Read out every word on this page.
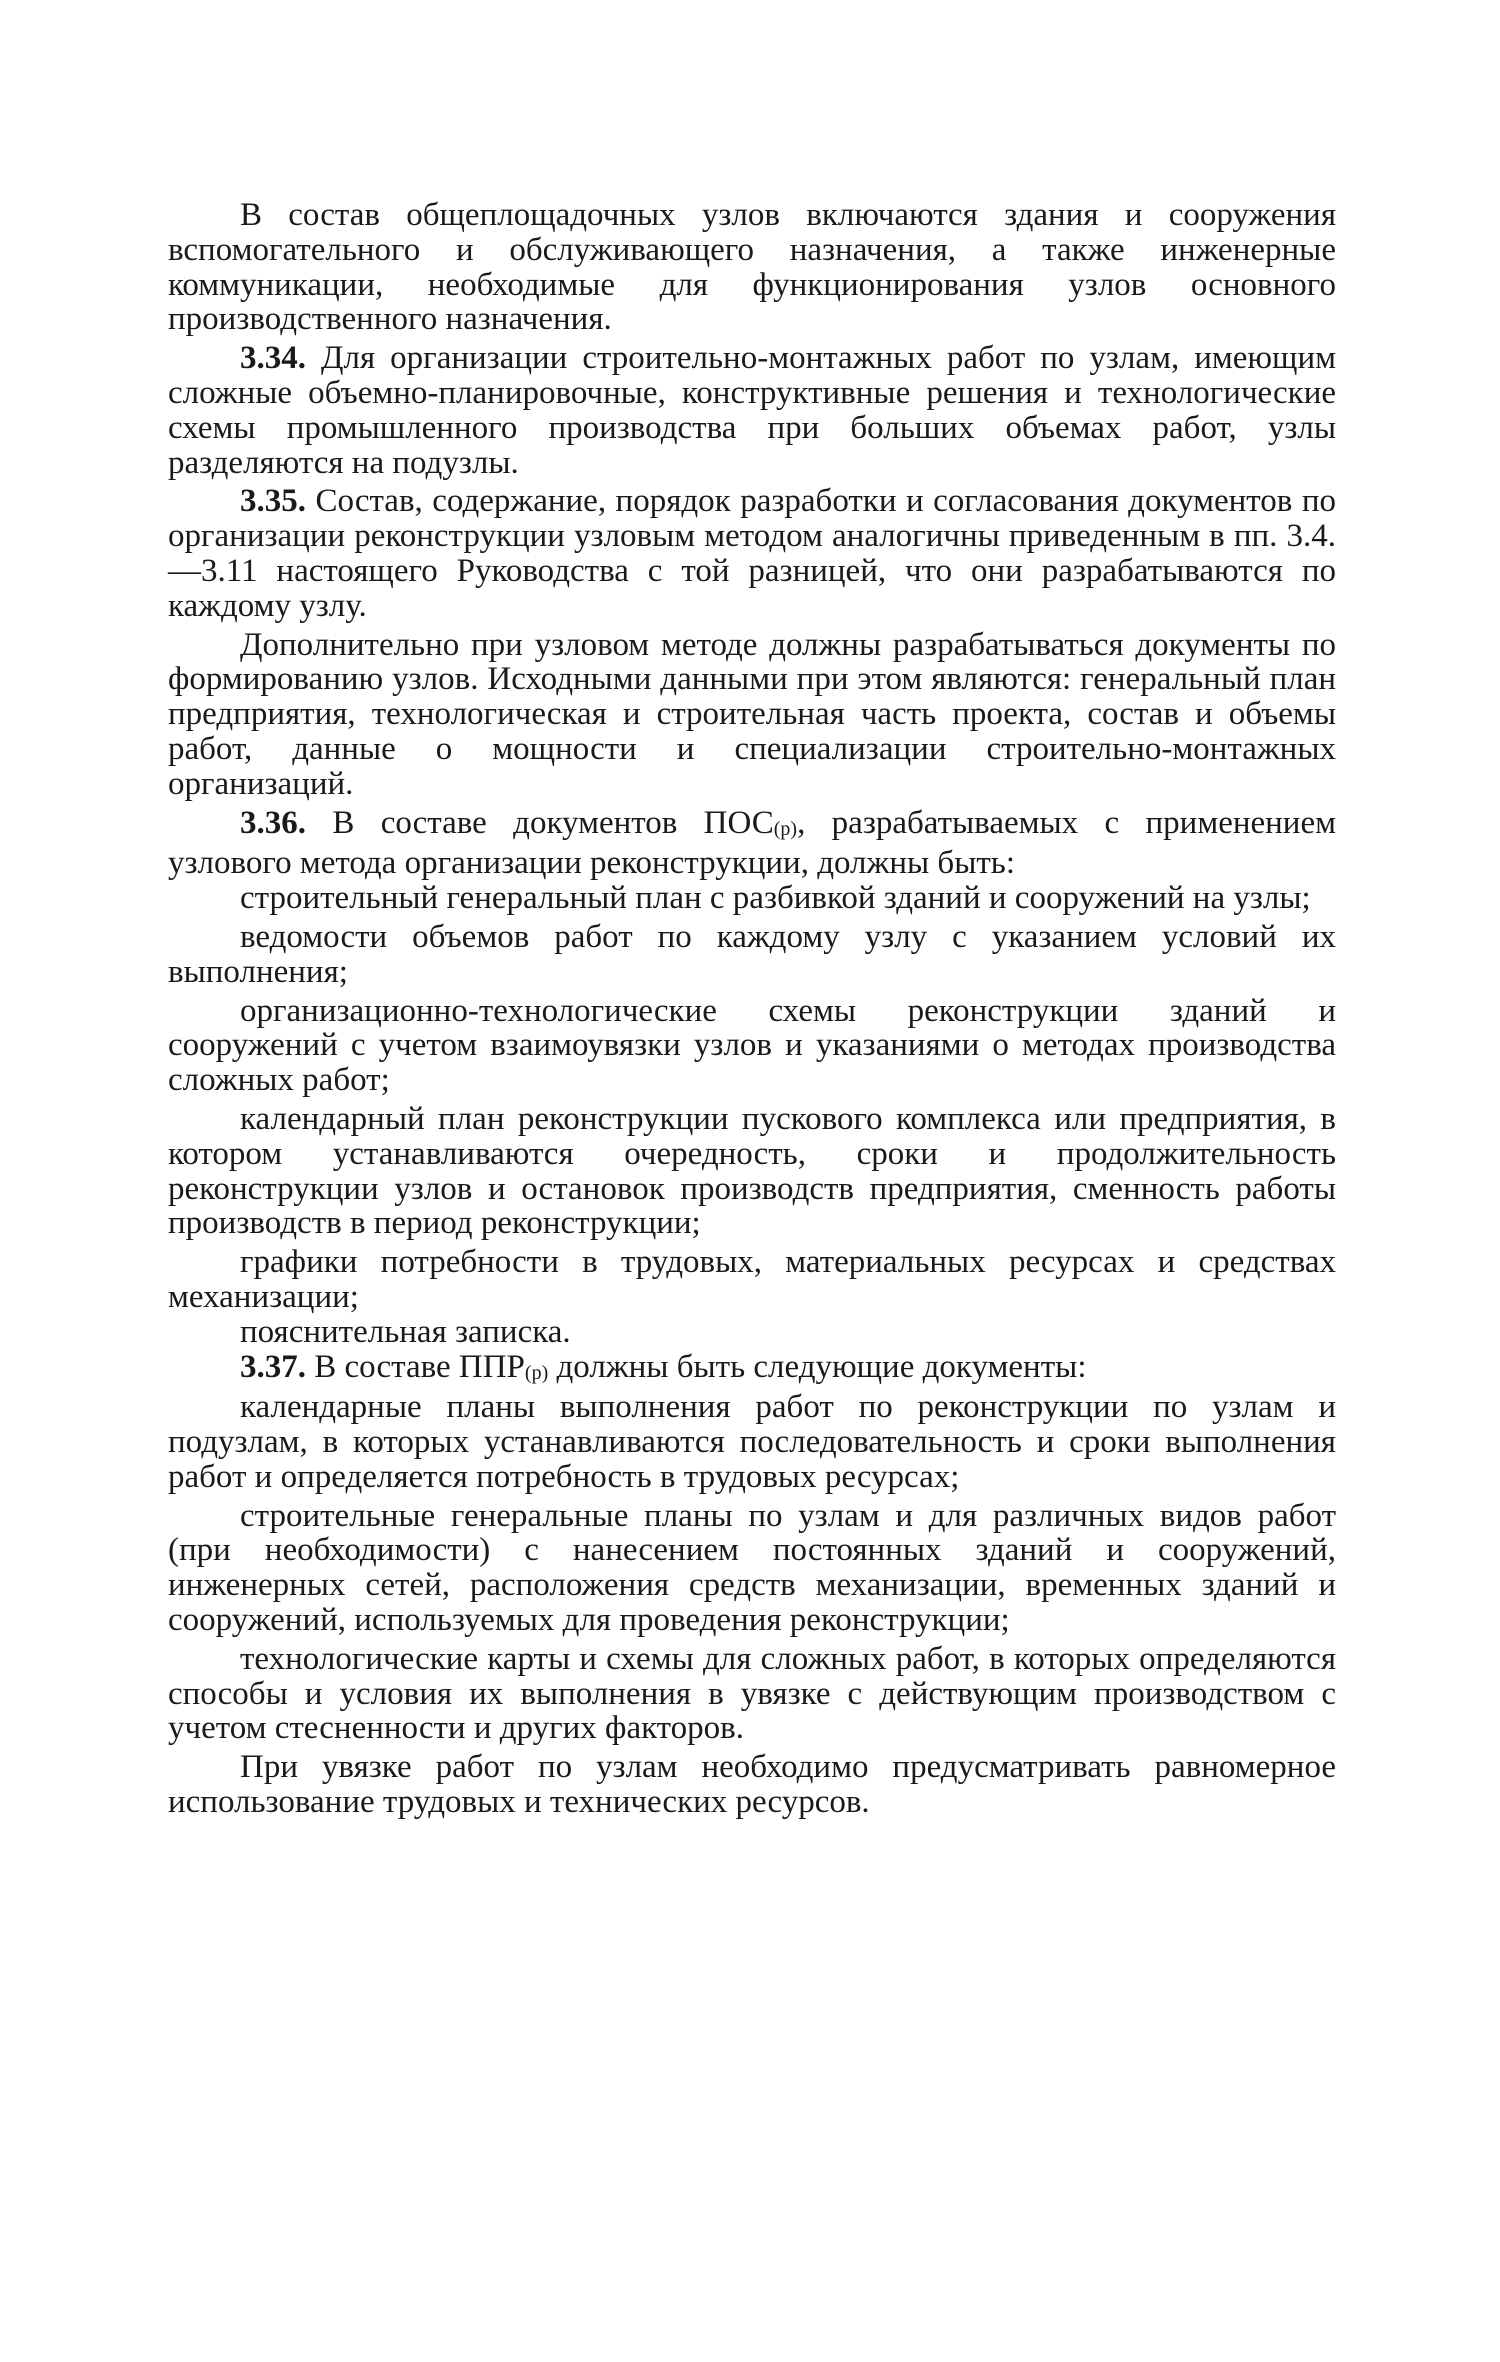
В состав общеплощадочных узлов включаются здания и сооружения вспомогательного и обслуживающего назначения, а также инженерные коммуникации, необходимые для функционирования узлов основного производственного назначения.

3.34. Для организации строительно-монтажных работ по узлам, имеющим сложные объемно-планировочные, конструктивные решения и технологические схемы промышленного производства при больших объемах работ, узлы разделяются на подузлы.

3.35. Состав, содержание, порядок разработки и согласования документов по организации реконструкции узловым методом аналогичны приведенным в пп. 3.4.—3.11 настоящего Руководства с той разницей, что они разрабатываются по каждому узлу.

Дополнительно при узловом методе должны разрабатываться документы по формированию узлов. Исходными данными при этом являются: генеральный план предприятия, технологическая и строительная часть проекта, состав и объемы работ, данные о мощности и специализации строительно-монтажных организаций.

3.36. В составе документов ПОС(р), разрабатываемых с применением узлового метода организации реконструкции, должны быть:

строительный генеральный план с разбивкой зданий и сооружений на узлы;

ведомости объемов работ по каждому узлу с указанием условий их выполнения;

организационно-технологические схемы реконструкции зданий и сооружений с учетом взаимоувязки узлов и указаниями о методах производства сложных работ;

календарный план реконструкции пускового комплекса или предприятия, в котором устанавливаются очередность, сроки и продолжительность реконструкции узлов и остановок производств предприятия, сменность работы производств в период реконструкции;

графики потребности в трудовых, материальных ресурсах и средствах механизации;

пояснительная записка.

3.37. В составе ППР(р) должны быть следующие документы:

календарные планы выполнения работ по реконструкции по узлам и подузлам, в которых устанавливаются последовательность и сроки выполнения работ и определяется потребность в трудовых ресурсах;

строительные генеральные планы по узлам и для различных видов работ (при необходимости) с нанесением постоянных зданий и сооружений, инженерных сетей, расположения средств механизации, временных зданий и сооружений, используемых для проведения реконструкции;

технологические карты и схемы для сложных работ, в которых определяются способы и условия их выполнения в увязке с действующим производством с учетом стесненности и других факторов.

При увязке работ по узлам необходимо предусматривать равномерное использование трудовых и технических ресурсов.
